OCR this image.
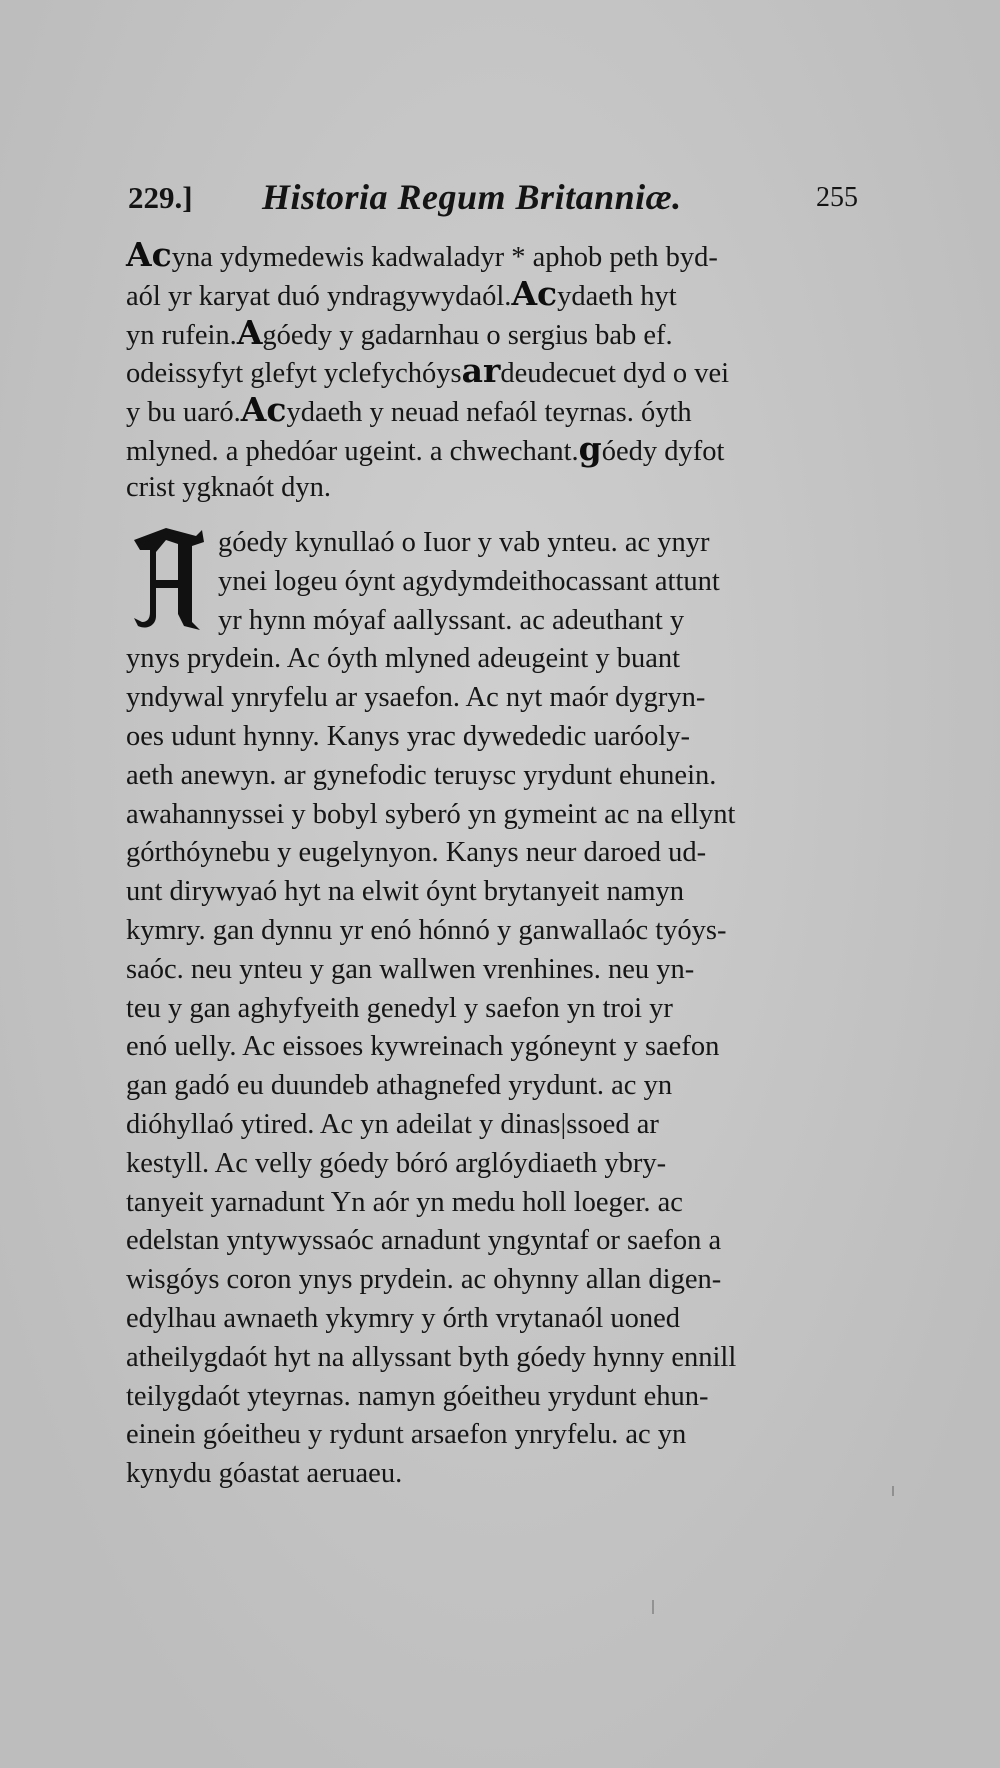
229.] Historia Regum Britanniæ.	255
Acyna ydymedewis kadwaladyr * aphob peth byd-
aól yr karyat duó yndragywydaól.Acydaeth hyt
yn rufein.Agóedy y gadarnhau o sergius bab ef.
odeissyfyt glefyt yclefychóysardeudecuet dyd o vei
y bu uaró.Acydaeth y neuad nefaól teyrnas. óyth
mlyned. a phedóar ugeint. a chwechant.góedy dyfot
crist ygknaót dyn.
góedy kynullaó o Iuor y vab ynteu. ac ynyr
ynei logeu óynt agydymdeithocassant attunt
yr hynn móyaf aallyssant. ac adeuthant y
ynys prydein. Ac óyth mlyned adeugeint y buant
yndywal ynryfelu ar ysaefon. Ac nyt maór dygryn-
oes udunt hynny. Kanys yrac dywededic uaróoly-
aeth anewyn. ar gynefodic teruysc yrydunt ehunein.
awahannyssei y bobyl syberó yn gymeint ac na ellynt
górthóynebu y eugelynyon. Kanys neur daroed ud-
unt dirywyaó hyt na elwit óynt brytanyeit namyn
kymry. gan dynnu yr enó hónnó y ganwallaóc tyóys-
saóc. neu ynteu y gan wallwen vrenhines. neu yn-
teu y gan aghyfyeith genedyl y saefon yn troi yr
enó uelly. Ac eissoes kywreinach ygóneynt y saefon
gan gadó eu duundeb athagnefed yrydunt. ac yn
dióhyllaó ytired. Ac yn adeilat y dinas|ssoed ar
kestyll. Ac velly góedy bóró arglóydiaeth ybry-
tanyeit yarnadunt Yn aór yn medu holl loeger. ac
edelstan yntywyssaóc arnadunt yngyntaf or saefon a
wisgóys coron ynys prydein. ac ohynny allan digen-
edylhau awnaeth ykymry y órth vrytanaól uoned
atheilygdaót hyt na allyssant byth góedy hynny ennill
teilygdaót yteyrnas. namyn góeitheu yrydunt ehun-
einein góeitheu y rydunt arsaefon ynryfelu. ac yn
kynydu góastat aeruaeu.
